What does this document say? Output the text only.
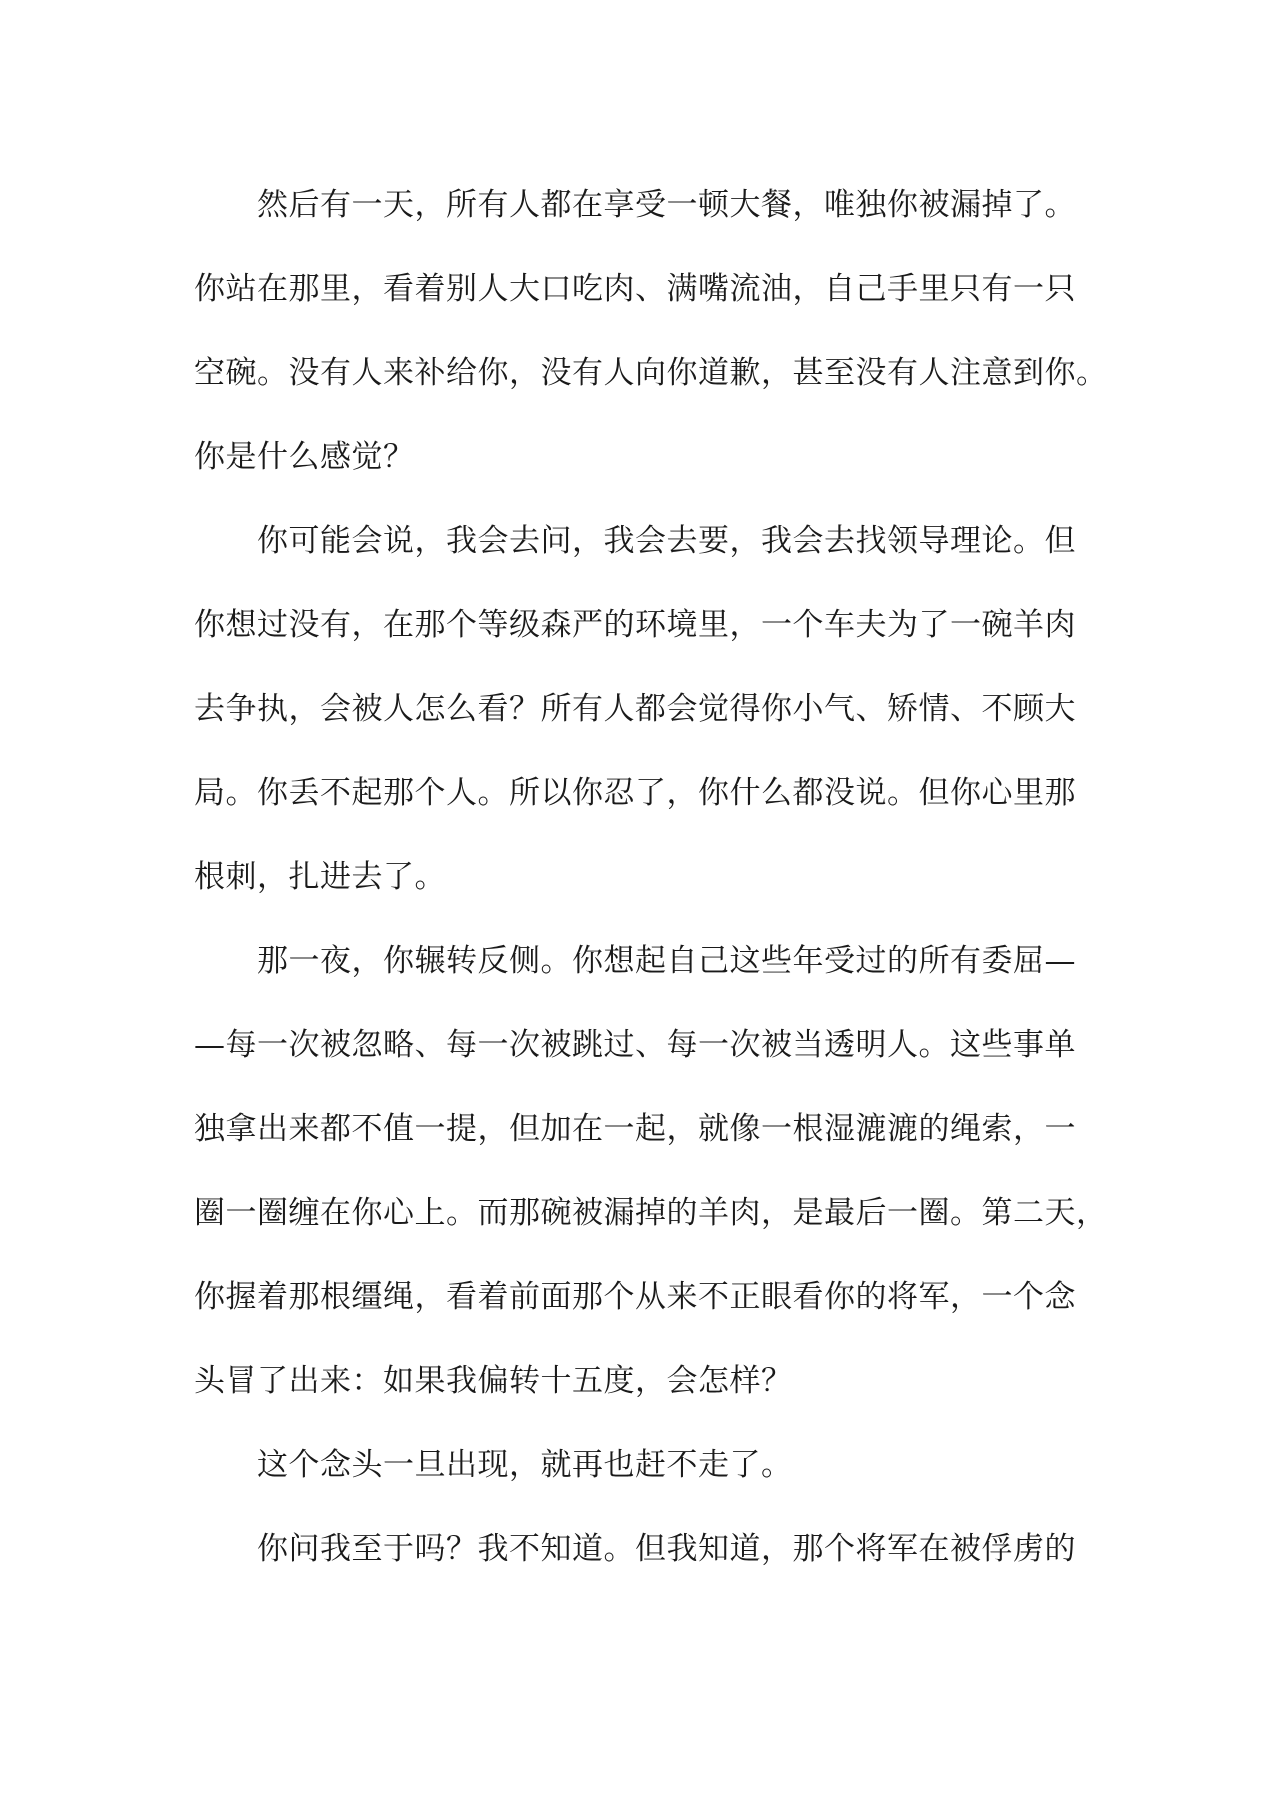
　　然后有一天，所有人都在享受一顿大餐，唯独你被漏掉了。
你站在那里，看着别人大口吃肉、满嘴流油，自己手里只有一只
空碗。没有人来补给你，没有人向你道歉，甚至没有人注意到你。
你是什么感觉？
　　你可能会说，我会去问，我会去要，我会去找领导理论。但
你想过没有，在那个等级森严的环境里，一个车夫为了一碗羊肉
去争执，会被人怎么看？所有人都会觉得你小气、矫情、不顾大
局。你丢不起那个人。所以你忍了，你什么都没说。但你心里那
根刺，扎进去了。
　　那一夜，你辗转反侧。你想起自己这些年受过的所有委屈—
—每一次被忽略、每一次被跳过、每一次被当透明人。这些事单
独拿出来都不值一提，但加在一起，就像一根湿漉漉的绳索，一
圈一圈缠在你心上。而那碗被漏掉的羊肉，是最后一圈。第二天，
你握着那根缰绳，看着前面那个从来不正眼看你的将军，一个念
头冒了出来：如果我偏转十五度，会怎样？
　　这个念头一旦出现，就再也赶不走了。
　　你问我至于吗？我不知道。但我知道，那个将军在被俘虏的
